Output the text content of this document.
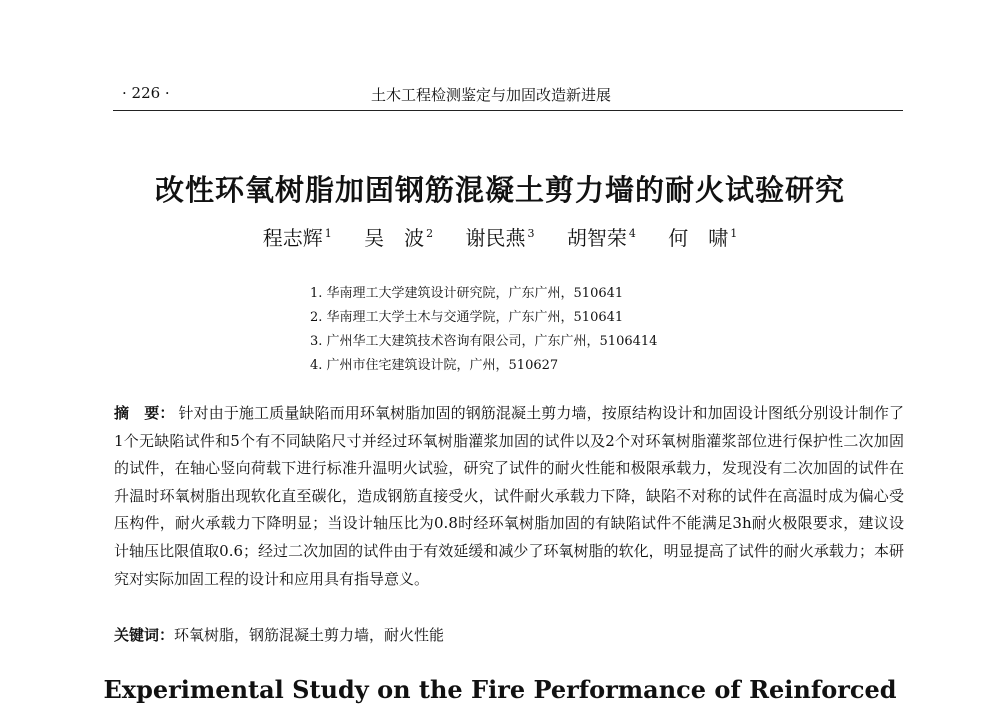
· 226 ·	土木工程检测鉴定与加固改造新进展
改性环氧树脂加固钢筋混凝土剪力墙的耐火试验研究
程志辉 $^1$ 吴　波 $^2$ 谢民燕 $^3$ 胡智荣 $^4$ 何　啸 $^1$
1. 华南理工大学建筑设计研究院，广东广州，510641
2. 华南理工大学土木与交通学院，广东广州，510641
3. 广州华工大建筑技术咨询有限公司，广东广州，5106414
4. 广州市住宅建筑设计院，广州，510627

摘　要： 针对由于施工质量缺陷而用环氧树脂加固的钢筋混凝土剪力墙，按原结构设计和加固设计图纸分别设计制作了1个无缺陷试件和5个有不同缺陷尺寸并经过环氧树脂灌浆加固的试件以及2个对环氧树脂灌浆部位进行保护性二次加固的试件，在轴心竖向荷载下进行标准升温明火试验，研究了试件的耐火性能和极限承载力，发现没有二次加固的试件在升温时环氧树脂出现软化直至碳化，造成钢筋直接受火，试件耐火承载力下降，缺陷不对称的试件在高温时成为偏心受压构件，耐火承载力下降明显；当设计轴压比为0.8时经环氧树脂加固的有缺陷试件不能满足3h耐火极限要求，建议设计轴压比限值取0.6；经过二次加固的试件由于有效延缓和减少了环氧树脂的软化，明显提高了试件的耐火承载力；本研究对实际加固工程的设计和应用具有指导意义。

关键词：环氧树脂，钢筋混凝土剪力墙，耐火性能

Experimental Study on the Fire Performance of Reinforced
